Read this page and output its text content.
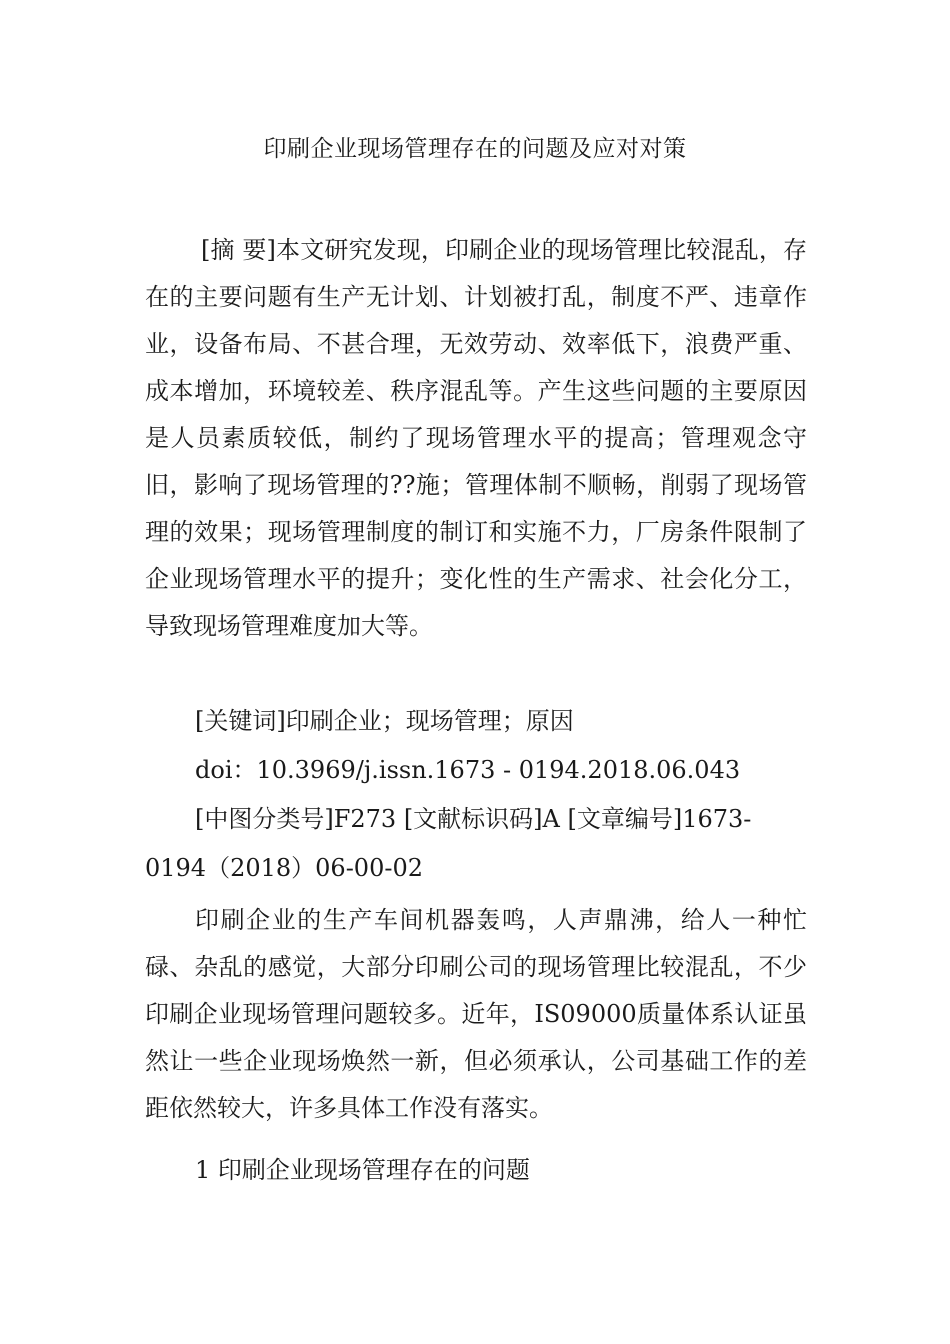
印刷企业现场管理存在的问题及应对对策
[摘 要]本文研究发现，印刷企业的现场管理比较混乱，存在的主要问题有生产无计划、计划被打乱，制度不严、违章作业，设备布局、不甚合理，无效劳动、效率低下，浪费严重、成本增加，环境较差、秩序混乱等。产生这些问题的主要原因是人员素质较低，制约了现场管理水平的提高；管理观念守旧，影响了现场管理的??施；管理体制不顺畅，削弱了现场管理的效果；现场管理制度的制订和实施不力，厂房条件限制了企业现场管理水平的提升；变化性的生产需求、社会化分工，导致现场管理难度加大等。
[关键词]印刷企业；现场管理；原因
doi：10.3969/j.issn.1673 - 0194.2018.06.043
[中图分类号]F273 [文献标识码]A [文章编号]1673-0194（2018）06-00-02
印刷企业的生产车间机器轰鸣，人声鼎沸，给人一种忙碌、杂乱的感觉，大部分印刷公司的现场管理比较混乱，不少印刷企业现场管理问题较多。近年，IS09000质量体系认证虽然让一些企业现场焕然一新，但必须承认，公司基础工作的差距依然较大，许多具体工作没有落实。
1 印刷企业现场管理存在的问题
